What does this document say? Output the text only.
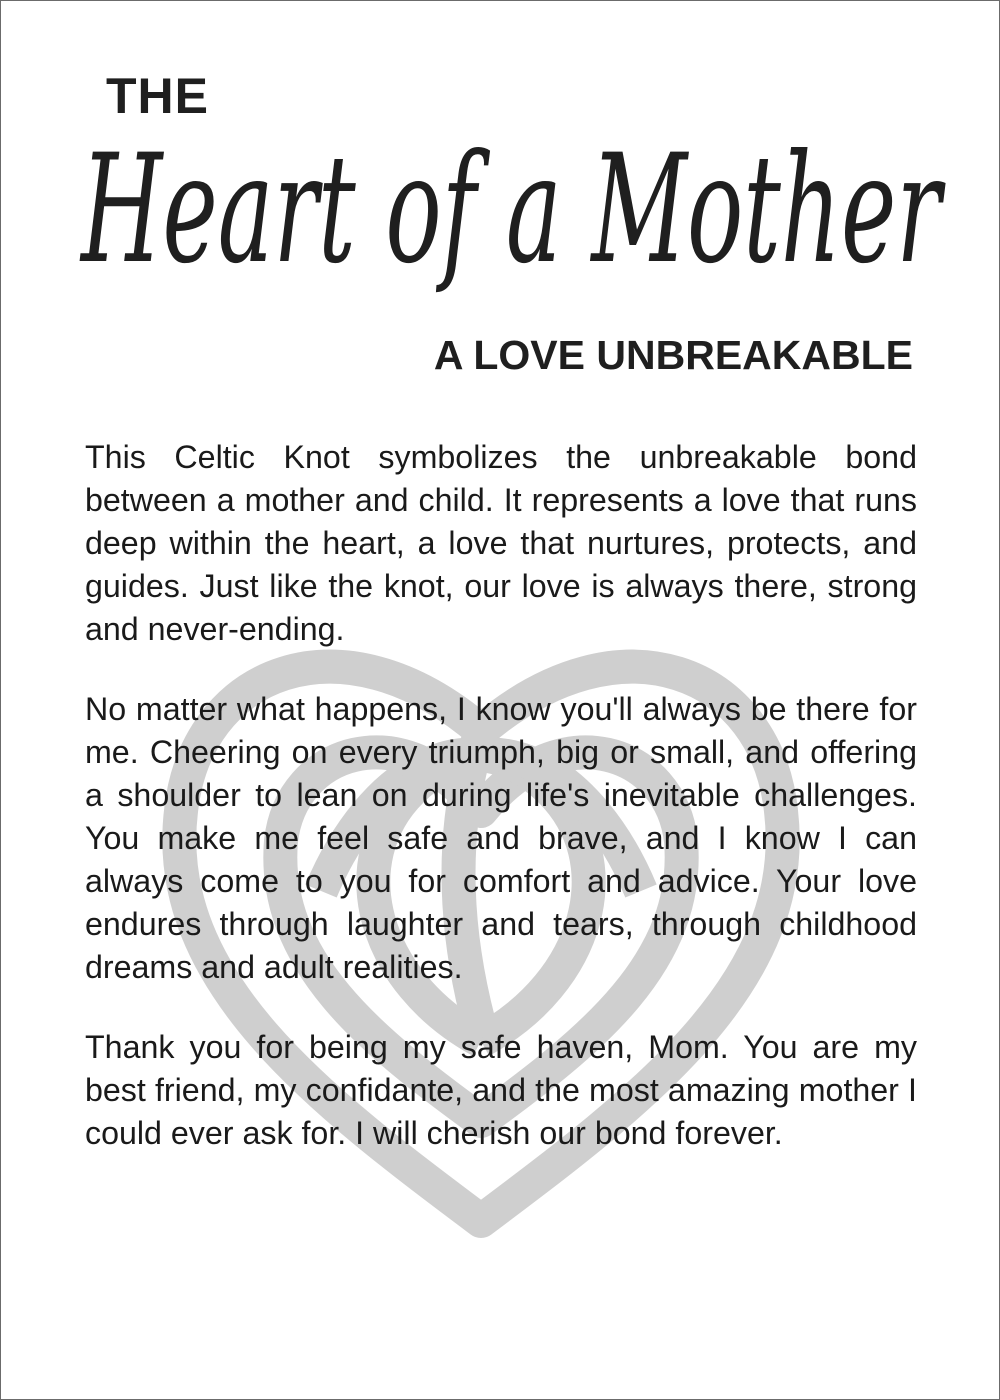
THE
Heart of a Mother
A LOVE UNBREAKABLE

This Celtic Knot symbolizes the unbreakable bond between a mother and child. It represents a love that runs deep within the heart, a love that nurtures, protects, and guides. Just like the knot, our love is always there, strong and never-ending.

No matter what happens, I know you'll always be there for me. Cheering on every triumph, big or small, and offering a shoulder to lean on during life's inevitable challenges. You make me feel safe and brave, and I know I can always come to you for comfort and advice. Your love endures through laughter and tears, through childhood dreams and adult realities.

Thank you for being my safe haven, Mom. You are my best friend, my confidante, and the most amazing mother I could ever ask for. I will cherish our bond forever.
